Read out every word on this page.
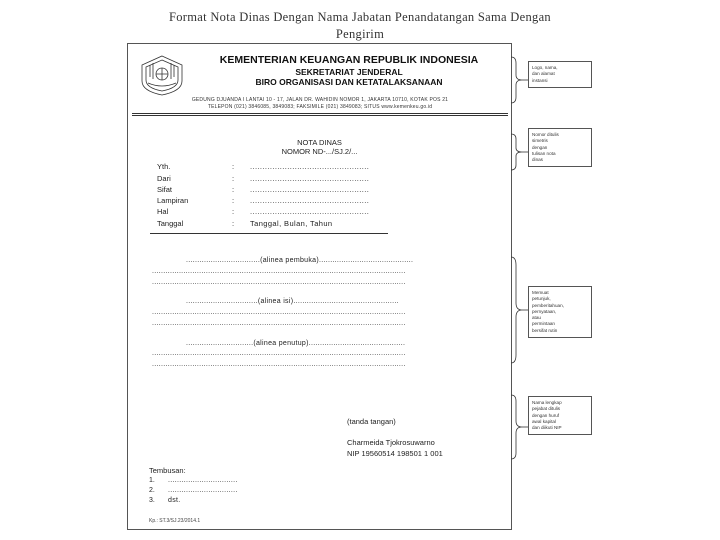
Format Nota Dinas Dengan Nama Jabatan Penandatangan Sama Dengan
Pengirim
KEMENTERIAN KEUANGAN REPUBLIK INDONESIA
SEKRETARIAT JENDERAL
BIRO ORGANISASI DAN KETATALAKSANAAN
GEDUNG DJUANDA I LANTAI 10 - 17, JALAN DR. WAHIDIN NOMOR 1, JAKARTA 10710, KOTAK POS 21
TELEPON (021) 3846085, 3849083; FAKSIMILE (021) 3849083; SITUS www.kemenkeu.go.id
NOTA DINAS
NOMOR ND-.../SJ.2/...
Yth.	: ................................................
Dari	: ................................................
Sifat	: ................................................
Lampiran	: ................................................
Hal	: ................................................
Tanggal	: Tanggal, Bulan, Tahun
.................................(alinea pembuka)..........................................
.................................................................................................................
.................................................................................................................
................................(alinea isi)...............................................
.................................................................................................................
.................................................................................................................
..............................(alinea penutup)...........................................
.................................................................................................................
.................................................................................................................
(tanda tangan)
Charmeida Tjokrosuwarno
NIP 19560514 198501 1 001
Tembusan:
1. ...............................
2. ...............................
3. dst.
Kp.: ST.3/SJ.23/2014.1
Logo, nama,
dan alamat
instansi
Nomor ditulis
simetris
dengan
tulisan nota
dinas
Memuat
petunjuk,
pemberitahuan,
pernyataan,
atau
permintaan
bersifat rutin
Nama lengkap
pejabat ditulis
dengan huruf
awal kapital
dan diikuti NIP
